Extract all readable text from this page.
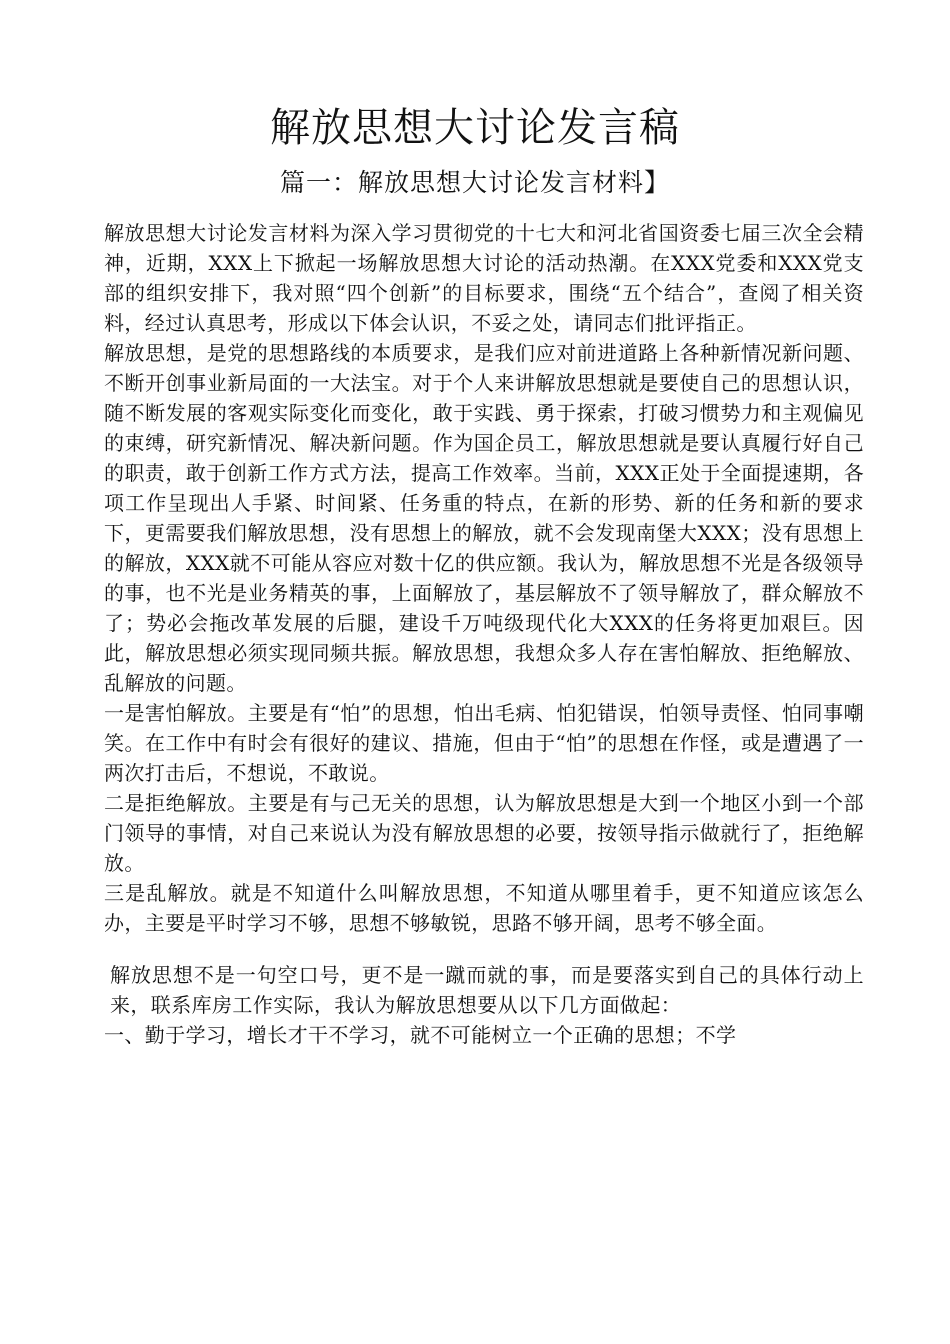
解放思想大讨论发言稿
篇一：解放思想大讨论发言材料】

解放思想大讨论发言材料为深入学习贯彻党的十七大和河北省国资委七届三次全会精神，近期，XXX上下掀起一场解放思想大讨论的活动热潮。在XXX党委和XXX党支部的组织安排下，我对照“四个创新”的目标要求，围绕“五个结合”，查阅了相关资料，经过认真思考，形成以下体会认识，不妥之处，请同志们批评指正。

解放思想，是党的思想路线的本质要求，是我们应对前进道路上各种新情况新问题、不断开创事业新局面的一大法宝。对于个人来讲解放思想就是要使自己的思想认识，随不断发展的客观实际变化而变化，敢于实践、勇于探索，打破习惯势力和主观偏见的束缚，研究新情况、解决新问题。作为国企员工，解放思想就是要认真履行好自己的职责，敢于创新工作方式方法，提高工作效率。当前，XXX正处于全面提速期，各项工作呈现出人手紧、时间紧、任务重的特点，在新的形势、新的任务和新的要求下，更需要我们解放思想，没有思想上的解放，就不会发现南堡大XXX；没有思想上的解放，XXX就不可能从容应对数十亿的供应额。我认为，解放思想不光是各级领导的事，也不光是业务精英的事，上面解放了，基层解放不了领导解放了，群众解放不了；势必会拖改革发展的后腿，建设千万吨级现代化大XXX的任务将更加艰巨。因此，解放思想必须实现同频共振。解放思想，我想众多人存在害怕解放、拒绝解放、乱解放的问题。

一是害怕解放。主要是有“怕”的思想，怕出毛病、怕犯错误，怕领导责怪、怕同事嘲笑。在工作中有时会有很好的建议、措施，但由于“怕”的思想在作怪，或是遭遇了一两次打击后，不想说，不敢说。

二是拒绝解放。主要是有与己无关的思想，认为解放思想是大到一个地区小到一个部门领导的事情，对自己来说认为没有解放思想的必要，按领导指示做就行了，拒绝解放。

三是乱解放。就是不知道什么叫解放思想，不知道从哪里着手，更不知道应该怎么办，主要是平时学习不够，思想不够敏锐，思路不够开阔，思考不够全面。

解放思想不是一句空口号，更不是一蹴而就的事，而是要落实到自己的具体行动上来，联系库房工作实际，我认为解放思想要从以下几方面做起：

一、勤于学习，增长才干不学习，就不可能树立一个正确的思想；不学
